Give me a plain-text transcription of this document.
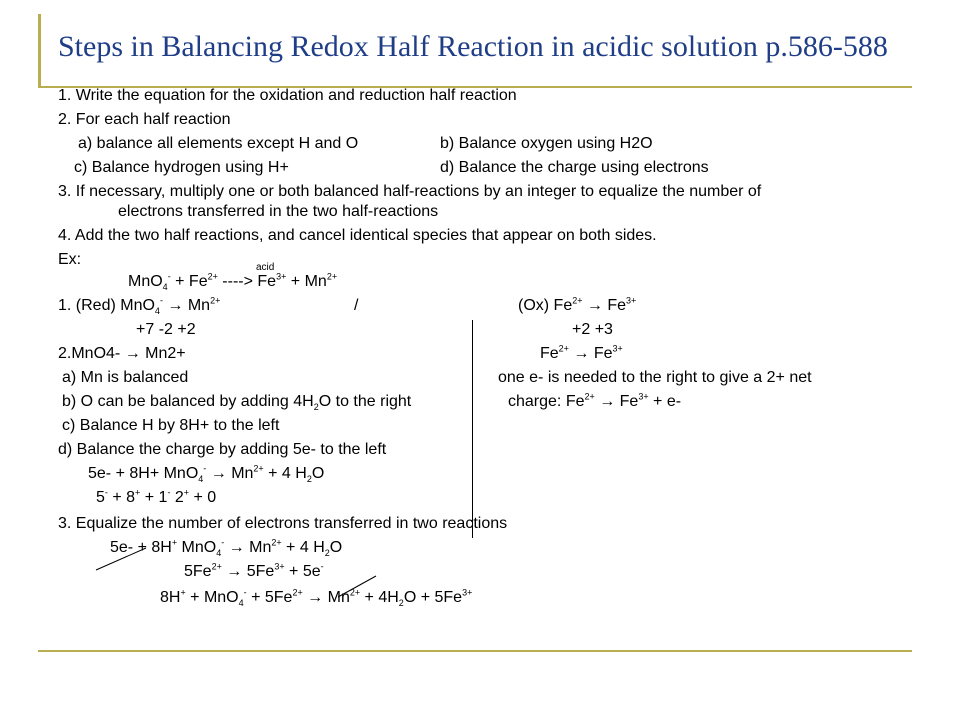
Steps in Balancing Redox Half Reaction in acidic solution p.586-588
1. Write the equation for the oxidation and reduction half reaction
2. For each half reaction
a) balance all elements except H and O	b) Balance oxygen using H2O
c) Balance hydrogen using H+	d) Balance the charge using electrons
3. If necessary, multiply one or both balanced half-reactions by an integer to equalize the number of
electrons transferred in the two half-reactions
4. Add the two half reactions, and cancel identical species that appear on both sides.
Ex:	acid
$MnO_4^- + Fe^{2+}$ ----> $Fe^{3+} + Mn^{2+}$
1. (Red) $MnO_4^- \to Mn^{2+}$	/	(Ox) $Fe^{2+} \to Fe^{3+}$
+7 -2 +2	+2 +3
2.MnO4- → Mn2+	$Fe^{2+} \to Fe^{3+}$
a) Mn is balanced	one e- is needed to the right to give a 2+ net
b) O can be balanced by adding $4H_2O$ to the right	charge: $Fe^{2+} \to Fe^{3+} + e-$
c) Balance H by 8H+ to the left
d) Balance the charge by adding 5e- to the left
$5e- + 8H+ MnO_4^- \to Mn^{2+} + 4$ $H_2O$
5- + 8+ + 1- 2+ + 0
3. Equalize the number of electrons transferred in two reactions
5e- + 8H+ $MnO_4^- \to Mn^{2+} + 4$ $H_2O$
$5Fe^{2+} \to 5Fe^{3+} + 5e^-$
$8H^+ + MnO_4^- + 5Fe^{2+} \to Mn^{2+} + 4H_2O + 5Fe^{3+}$
